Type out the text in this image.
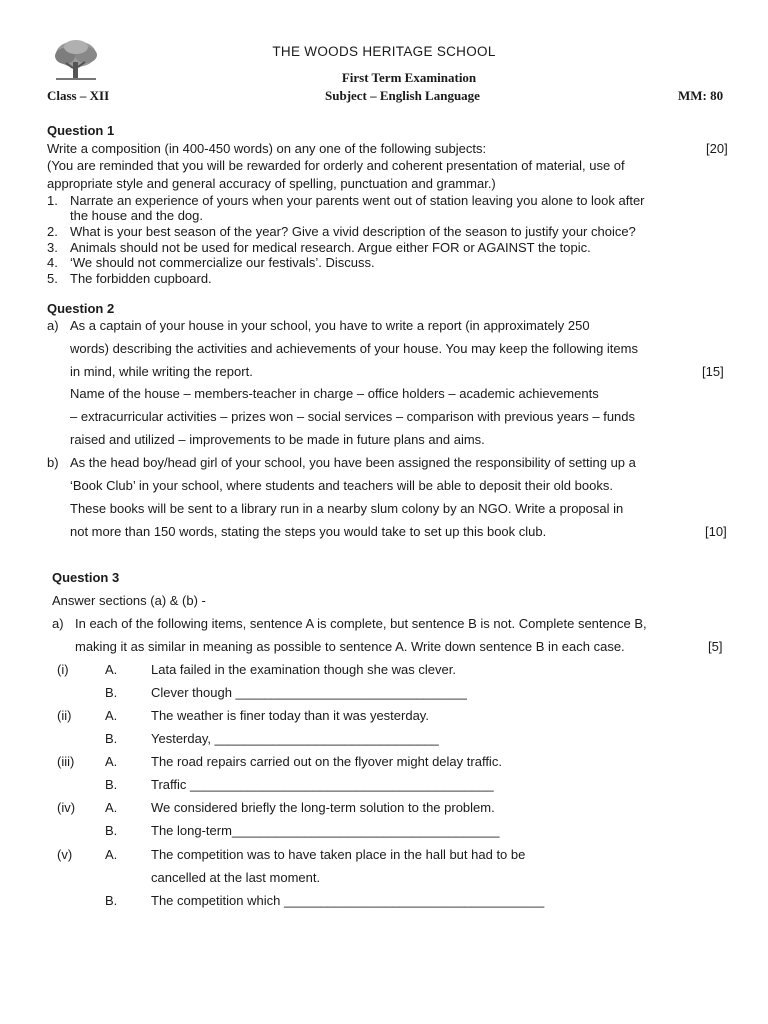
THE WOODS HERITAGE SCHOOL
First Term Examination
Class – XII	Subject – English Language	MM: 80
Question 1
Write a composition (in 400-450 words) on any one of the following subjects:	[20]
(You are reminded that you will be rewarded for orderly and coherent presentation of material, use of
appropriate style and general accuracy of spelling, punctuation and grammar.)
1. Narrate an experience of yours when your parents went out of station leaving you alone to look after
the house and the dog.
2. What is your best season of the year? Give a vivid description of the season to justify your choice?
3. Animals should not be used for medical research. Argue either FOR or AGAINST the topic.
4. ‘We should not commercialize our festivals’. Discuss.
5. The forbidden cupboard.
Question 2
a) As a captain of your house in your school, you have to write a report (in approximately 250
words) describing the activities and achievements of your house. You may keep the following items
in mind, while writing the report.	[15]
Name of the house – members-teacher in charge – office holders – academic achievements
– extracurricular activities – prizes won – social services – comparison with previous years – funds
raised and utilized – improvements to be made in future plans and aims.
b) As the head boy/head girl of your school, you have been assigned the responsibility of setting up a
‘Book Club’ in your school, where students and teachers will be able to deposit their old books.
These books will be sent to a library run in a nearby slum colony by an NGO. Write a proposal in
not more than 150 words, stating the steps you would take to set up this book club.	[10]
Question 3
Answer sections (a) & (b) -
a) In each of the following items, sentence A is complete, but sentence B is not. Complete sentence B,
making it as similar in meaning as possible to sentence A. Write down sentence B in each case.	[5]
(i)	A.	Lata failed in the examination though she was clever.
B.	Clever though ________________________________
(ii)	A.	The weather is finer today than it was yesterday.
B.	Yesterday, _______________________________
(iii) A.	The road repairs carried out on the flyover might delay traffic.
B.	Traffic __________________________________________
(iv) A.	We considered briefly the long-term solution to the problem.
B.	The long-term_____________________________________
(v)	A.	The competition was to have taken place in the hall but had to be
cancelled at the last moment.
B.	The competition which ____________________________________
